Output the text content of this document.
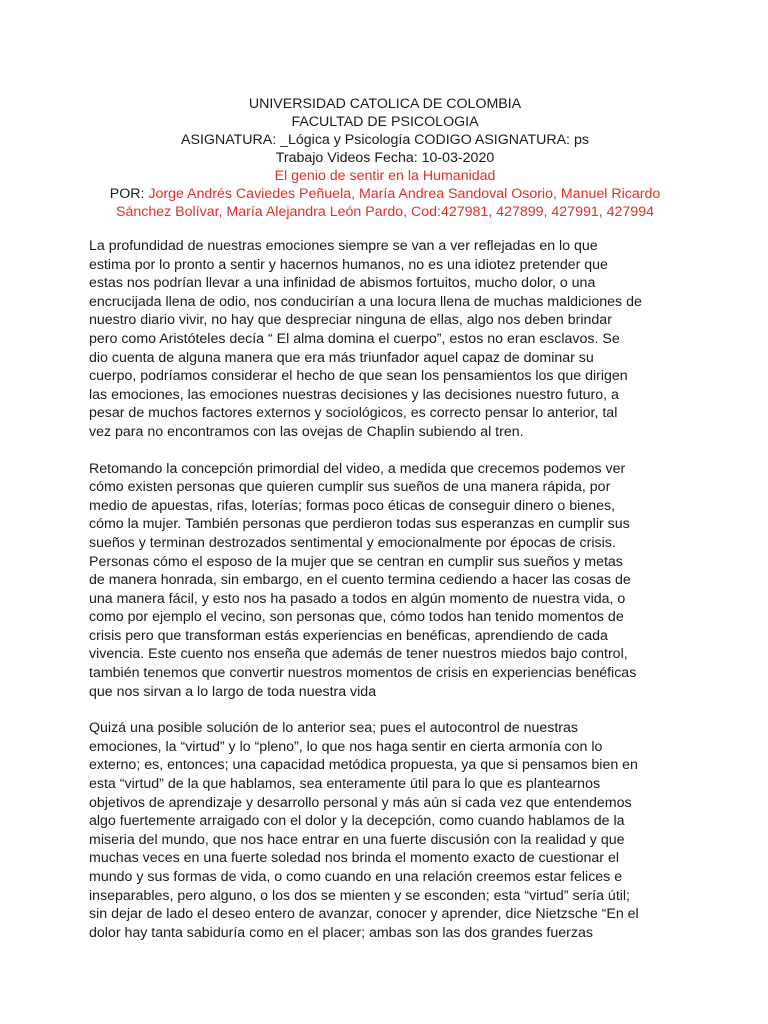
UNIVERSIDAD CATOLICA DE COLOMBIA
FACULTAD DE PSICOLOGIA
ASIGNATURA: _Lógica y Psicología CODIGO ASIGNATURA: ps
Trabajo Videos Fecha: 10-03-2020
El genio de sentir en la Humanidad
POR: Jorge Andrés Caviedes Peñuela, María Andrea Sandoval Osorio, Manuel Ricardo
Sánchez Bolívar, María Alejandra León Pardo, Cod:427981, 427899, 427991, 427994

La profundidad de nuestras emociones siempre se van a ver reflejadas en lo que
estima por lo pronto a sentir y hacernos humanos, no es una idiotez pretender que
estas nos podrían llevar a una infinidad de abismos fortuitos, mucho dolor, o una
encrucijada llena de odio, nos conducirían a una locura llena de muchas maldiciones de
nuestro diario vivir, no hay que despreciar ninguna de ellas, algo nos deben brindar
pero como Aristóteles decía “ El alma domina el cuerpo”, estos no eran esclavos. Se
dio cuenta de alguna manera que era más triunfador aquel capaz de dominar su
cuerpo, podríamos considerar el hecho de que sean los pensamientos los que dirigen
las emociones, las emociones nuestras decisiones y las decisiones nuestro futuro, a
pesar de muchos factores externos y sociológicos, es correcto pensar lo anterior, tal
vez para no encontramos con las ovejas de Chaplin subiendo al tren.

Retomando la concepción primordial del video, a medida que crecemos podemos ver
cómo existen personas que quieren cumplir sus sueños de una manera rápida, por
medio de apuestas, rifas, loterías; formas poco éticas de conseguir dinero o bienes,
cómo la mujer. También personas que perdieron todas sus esperanzas en cumplir sus
sueños y terminan destrozados sentimental y emocionalmente por épocas de crisis.
Personas cómo el esposo de la mujer que se centran en cumplir sus sueños y metas
de manera honrada, sin embargo, en el cuento termina cediendo a hacer las cosas de
una manera fácil, y esto nos ha pasado a todos en algún momento de nuestra vida, o
como por ejemplo el vecino, son personas que, cómo todos han tenido momentos de
crisis pero que transforman estás experiencias en benéficas, aprendiendo de cada
vivencia. Este cuento nos enseña que además de tener nuestros miedos bajo control,
también tenemos que convertir nuestros momentos de crisis en experiencias benéficas
que nos sirvan a lo largo de toda nuestra vida

Quizá una posible solución de lo anterior sea; pues el autocontrol de nuestras
emociones, la “virtud” y lo “pleno”, lo que nos haga sentir en cierta armonía con lo
externo; es, entonces; una capacidad metódica propuesta, ya que si pensamos bien en
esta “virtud” de la que hablamos, sea enteramente útil para lo que es plantearnos
objetivos de aprendizaje y desarrollo personal y más aún si cada vez que entendemos
algo fuertemente arraigado con el dolor y la decepción, como cuando hablamos de la
miseria del mundo, que nos hace entrar en una fuerte discusión con la realidad y que
muchas veces en una fuerte soledad nos brinda el momento exacto de cuestionar el
mundo y sus formas de vida, o como cuando en una relación creemos estar felices e
inseparables, pero alguno, o los dos se mienten y se esconden; esta “virtud” sería útil;
sin dejar de lado el deseo entero de avanzar, conocer y aprender, dice Nietzsche “En el
dolor hay tanta sabiduría como en el placer; ambas son las dos grandes fuerzas
